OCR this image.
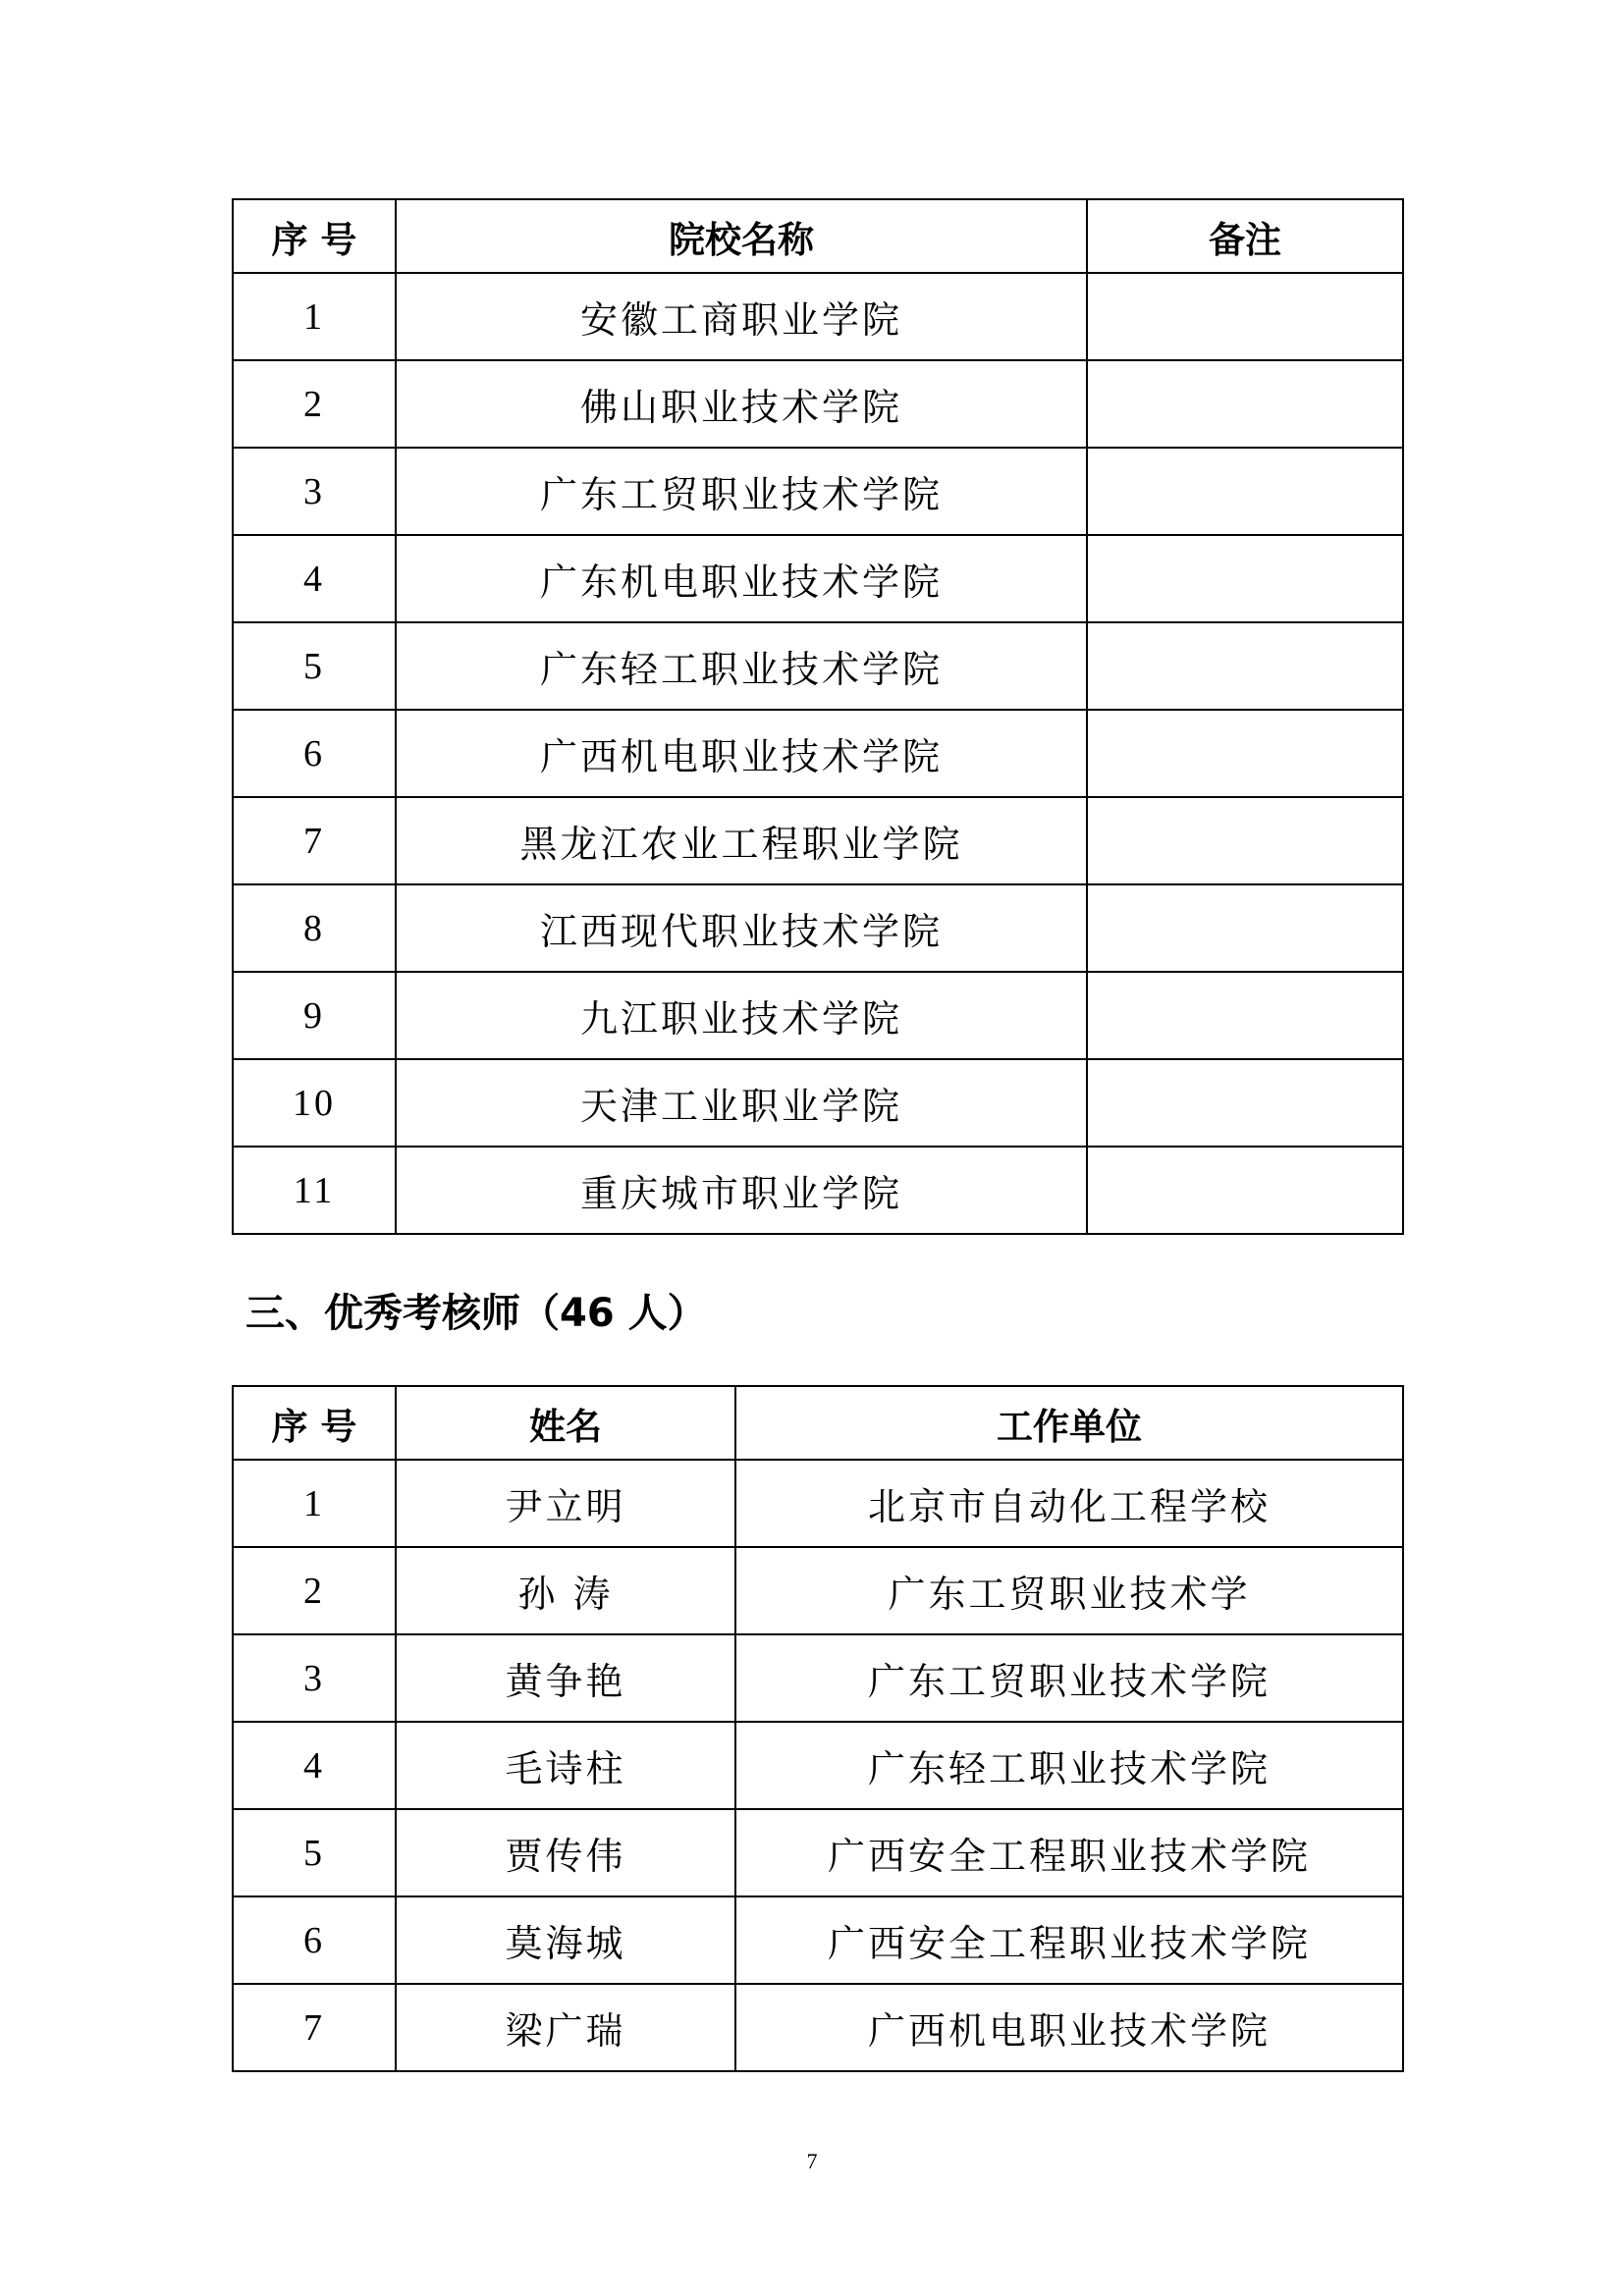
序 号	院校名称	备注
1	安徽工商职业学院	
2	佛山职业技术学院	
3	广东工贸职业技术学院	
4	广东机电职业技术学院	
5	广东轻工职业技术学院	
6	广西机电职业技术学院	
7	黑龙江农业工程职业学院	
8	江西现代职业技术学院	
9	九江职业技术学院	
10	天津工业职业学院	
11	重庆城市职业学院	
三、优秀考核师（46 人）
序 号	姓名	工作单位
1	尹立明	北京市自动化工程学校
2	孙 涛	广东工贸职业技术学
3	黄争艳	广东工贸职业技术学院
4	毛诗柱	广东轻工职业技术学院
5	贾传伟	广西安全工程职业技术学院
6	莫海城	广西安全工程职业技术学院
7	梁广瑞	广西机电职业技术学院
7
